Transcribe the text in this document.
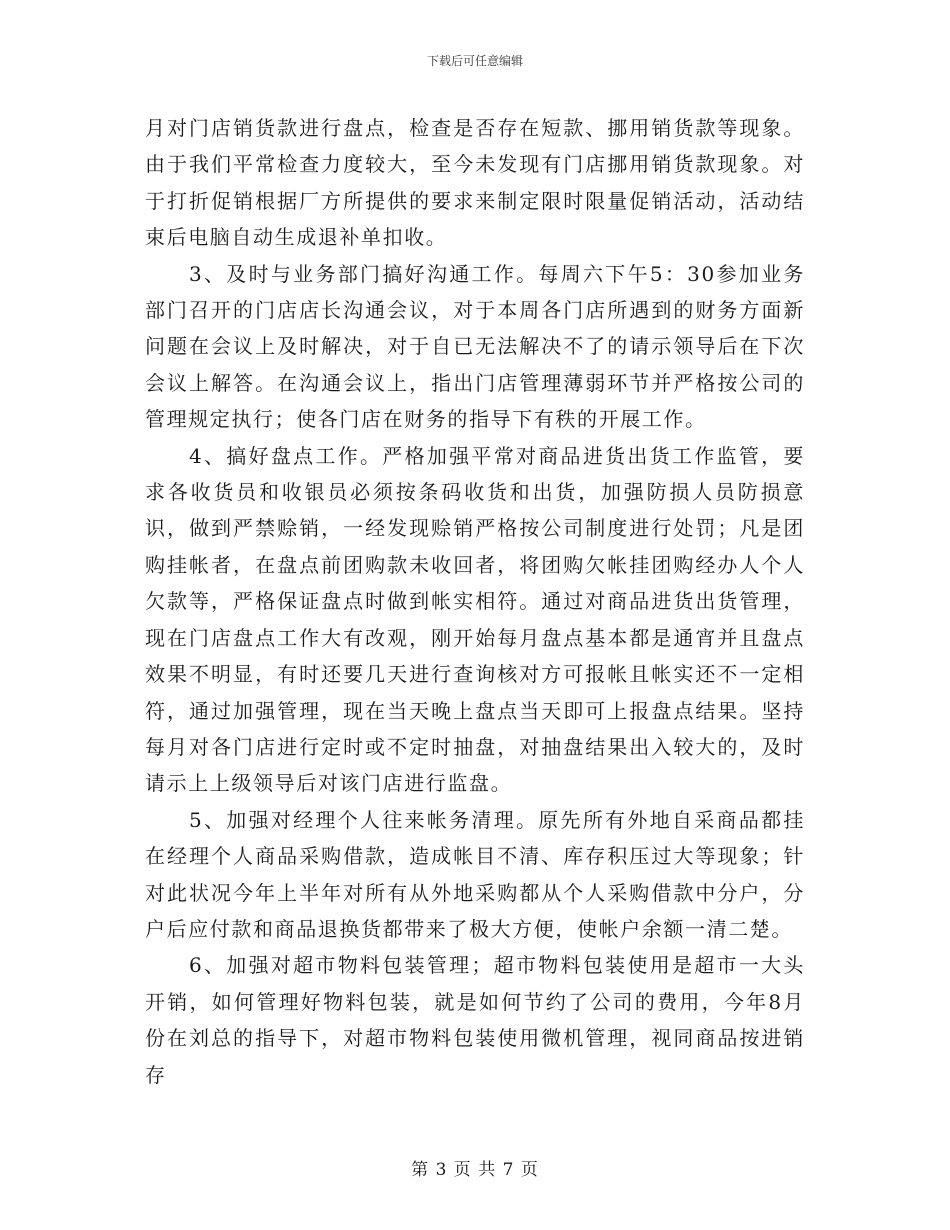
下载后可任意编辑

月对门店销货款进行盘点，检查是否存在短款、挪用销货款等现象。由于我们平常检查力度较大，至今未发现有门店挪用销货款现象。对于打折促销根据厂方所提供的要求来制定限时限量促销活动，活动结束后电脑自动生成退补单扣收。

3、及时与业务部门搞好沟通工作。每周六下午5：30参加业务部门召开的门店店长沟通会议，对于本周各门店所遇到的财务方面新问题在会议上及时解决，对于自已无法解决不了的请示领导后在下次会议上解答。在沟通会议上，指出门店管理薄弱环节并严格按公司的管理规定执行；使各门店在财务的指导下有秩的开展工作。

4、搞好盘点工作。严格加强平常对商品进货出货工作监管，要求各收货员和收银员必须按条码收货和出货，加强防损人员防损意识，做到严禁赊销，一经发现赊销严格按公司制度进行处罚；凡是团购挂帐者，在盘点前团购款未收回者，将团购欠帐挂团购经办人个人欠款等，严格保证盘点时做到帐实相符。通过对商品进货出货管理，现在门店盘点工作大有改观，刚开始每月盘点基本都是通宵并且盘点效果不明显，有时还要几天进行查询核对方可报帐且帐实还不一定相符，通过加强管理，现在当天晚上盘点当天即可上报盘点结果。坚持每月对各门店进行定时或不定时抽盘，对抽盘结果出入较大的，及时请示上上级领导后对该门店进行监盘。

5、加强对经理个人往来帐务清理。原先所有外地自采商品都挂在经理个人商品采购借款，造成帐目不清、库存积压过大等现象；针对此状况今年上半年对所有从外地采购都从个人采购借款中分户，分户后应付款和商品退换货都带来了极大方便，使帐户余额一清二楚。

6、加强对超市物料包装管理；超市物料包装使用是超市一大头开销，如何管理好物料包装，就是如何节约了公司的费用，今年8月份在刘总的指导下，对超市物料包装使用微机管理，视同商品按进销存

第 3 页 共 7 页
